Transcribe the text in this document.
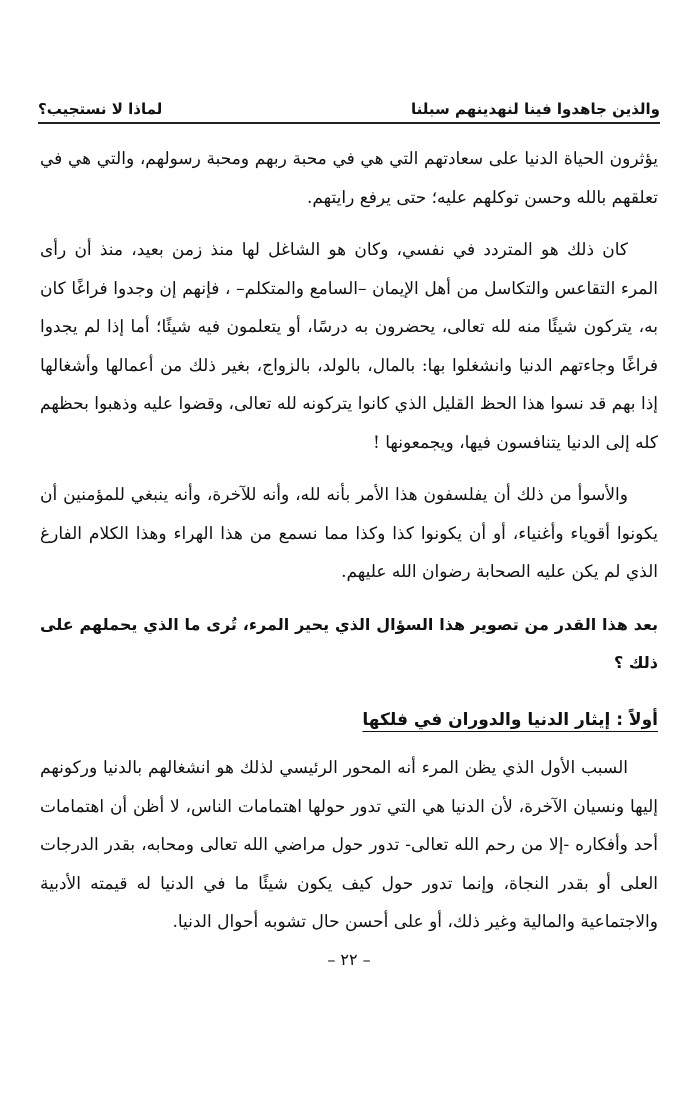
والذين جاهدوا فينا لنهدينهم سبلنا
لماذا لا نستجيب؟

يؤثرون الحياة الدنيا على سعادتهم التي هي في محبة ربهم ومحبة رسولهم، والتي هي في تعلقهم بالله وحسن توكلهم عليه؛ حتى يرفع رايتهم.

كان ذلك هو المتردد في نفسي، وكان هو الشاغل لها منذ زمن بعيد، منذ أن رأى المرء التقاعس والتكاسل من أهل الإيمان –السامع والمتكلم– ، فإنهم إن وجدوا فراغًا كان به، يتركون شيئًا منه لله تعالى، يحضرون به درسًا، أو يتعلمون فيه شيئًا؛ أما إذا لم يجدوا فراغًا وجاءتهم الدنيا وانشغلوا بها: بالمال، بالولد، بالزواج، بغير ذلك من أعمالها وأشغالها إذا بهم قد نسوا هذا الحظ القليل الذي كانوا يتركونه لله تعالى، وقضوا عليه وذهبوا بحظهم كله إلى الدنيا يتنافسون فيها، ويجمعونها !

والأسوأ من ذلك أن يفلسفون هذا الأمر بأنه لله، وأنه للآخرة، وأنه ينبغي للمؤمنين أن يكونوا أقوياء وأغنياء، أو أن يكونوا كذا وكذا مما نسمع من هذا الهراء وهذا الكلام الفارغ الذي لم يكن عليه الصحابة رضوان الله عليهم.

بعد هذا القدر من تصوير هذا السؤال الذي يحير المرء، تُرى ما الذي يحملهم على ذلك ؟

أولاً : إيثار الدنيا والدوران في فلكها

السبب الأول الذي يظن المرء أنه المحور الرئيسي لذلك هو انشغالهم بالدنيا وركونهم إليها ونسيان الآخرة، لأن الدنيا هي التي تدور حولها اهتمامات الناس، لا أظن أن اهتمامات أحد وأفكاره -إلا من رحم الله تعالى- تدور حول مراضي الله تعالى ومحابه، بقدر الدرجات العلى أو بقدر النجاة، وإنما تدور حول كيف يكون شيئًا ما في الدنيا له قيمته الأدبية والاجتماعية والمالية وغير ذلك، أو على أحسن حال تشوبه أحوال الدنيا.

– ٢٢ –
